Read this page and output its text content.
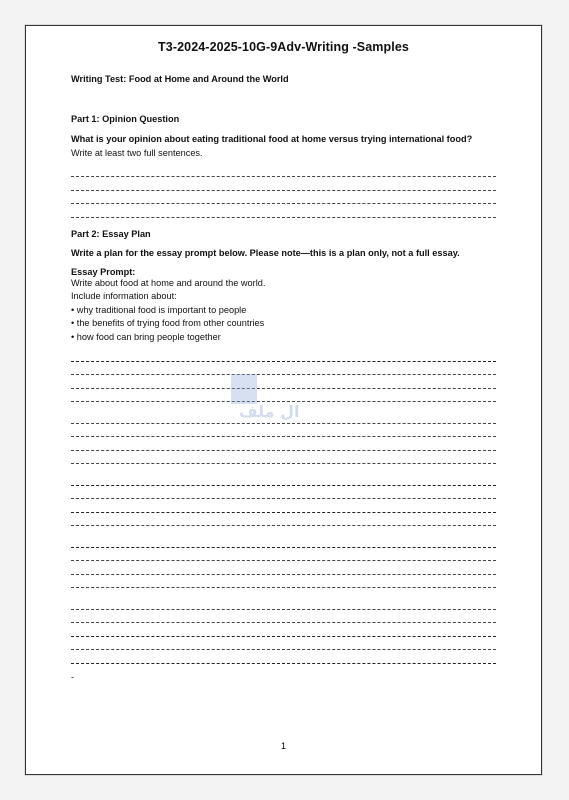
T3-2024-2025-10G-9Adv-Writing -Samples
Writing Test: Food at Home and Around the World
Part 1: Opinion Question
What is your opinion about eating traditional food at home versus trying international food?
Write at least two full sentences.
Part 2: Essay Plan
Write a plan for the essay prompt below. Please note—this is a plan only, not a full essay.
Essay Prompt:
Write about food at home and around the world.
Include information about:
• why traditional food is important to people
• the benefits of trying food from other countries
• how food can bring people together
-
ال ملف
1
